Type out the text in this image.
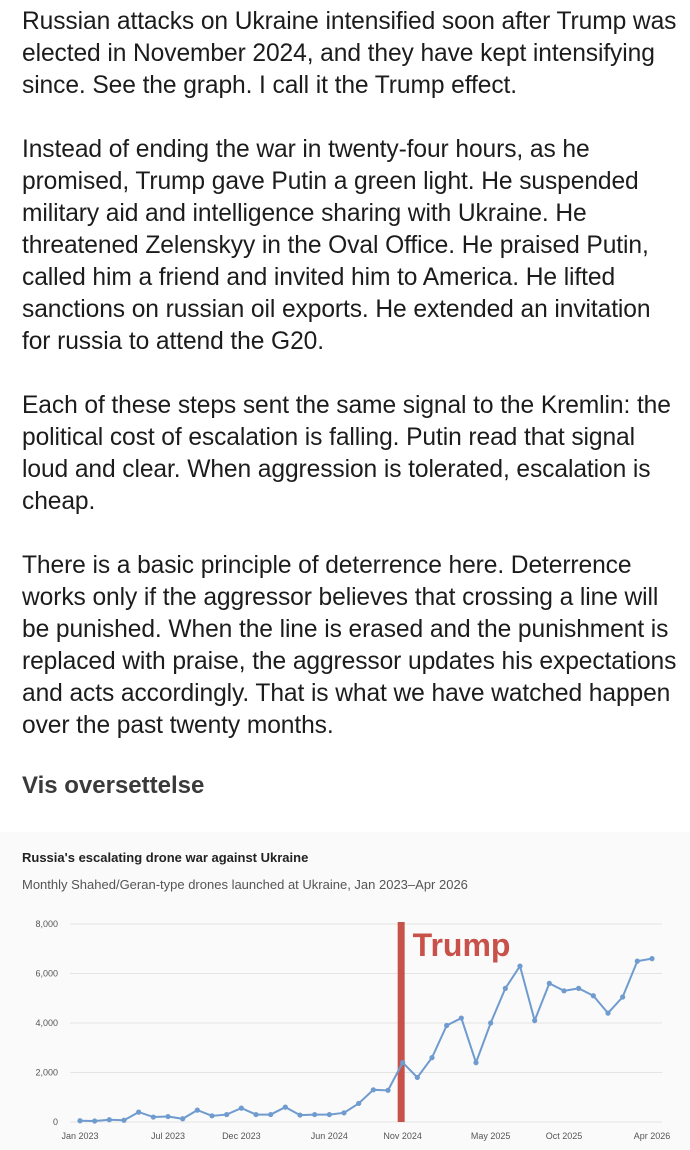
Russian attacks on Ukraine intensified soon after Trump was elected in November 2024, and they have kept intensifying since. See the graph. I call it the Trump effect.

Instead of ending the war in twenty-four hours, as he promised, Trump gave Putin a green light. He suspended military aid and intelligence sharing with Ukraine. He threatened Zelenskyy in the Oval Office. He praised Putin, called him a friend and invited him to America. He lifted sanctions on russian oil exports. He extended an invitation for russia to attend the G20.

Each of these steps sent the same signal to the Kremlin: the political cost of escalation is falling. Putin read that signal loud and clear. When aggression is tolerated, escalation is cheap.

There is a basic principle of deterrence here. Deterrence works only if the aggressor believes that crossing a line will be punished. When the line is erased and the punishment is replaced with praise, the aggressor updates his expectations and acts accordingly. That is what we have watched happen over the past twenty months.

Vis oversettelse
Russia's escalating drone war against Ukraine
Monthly Shahed/Geran-type drones launched at Ukraine, Jan 2023–Apr 2026
0
2,000
4,000
6,000
8,000
Jan 2023	Jul 2023	Dec 2023	Jun 2024	Nov 2024	May 2025	Oct 2025	Apr 2026
Trump
